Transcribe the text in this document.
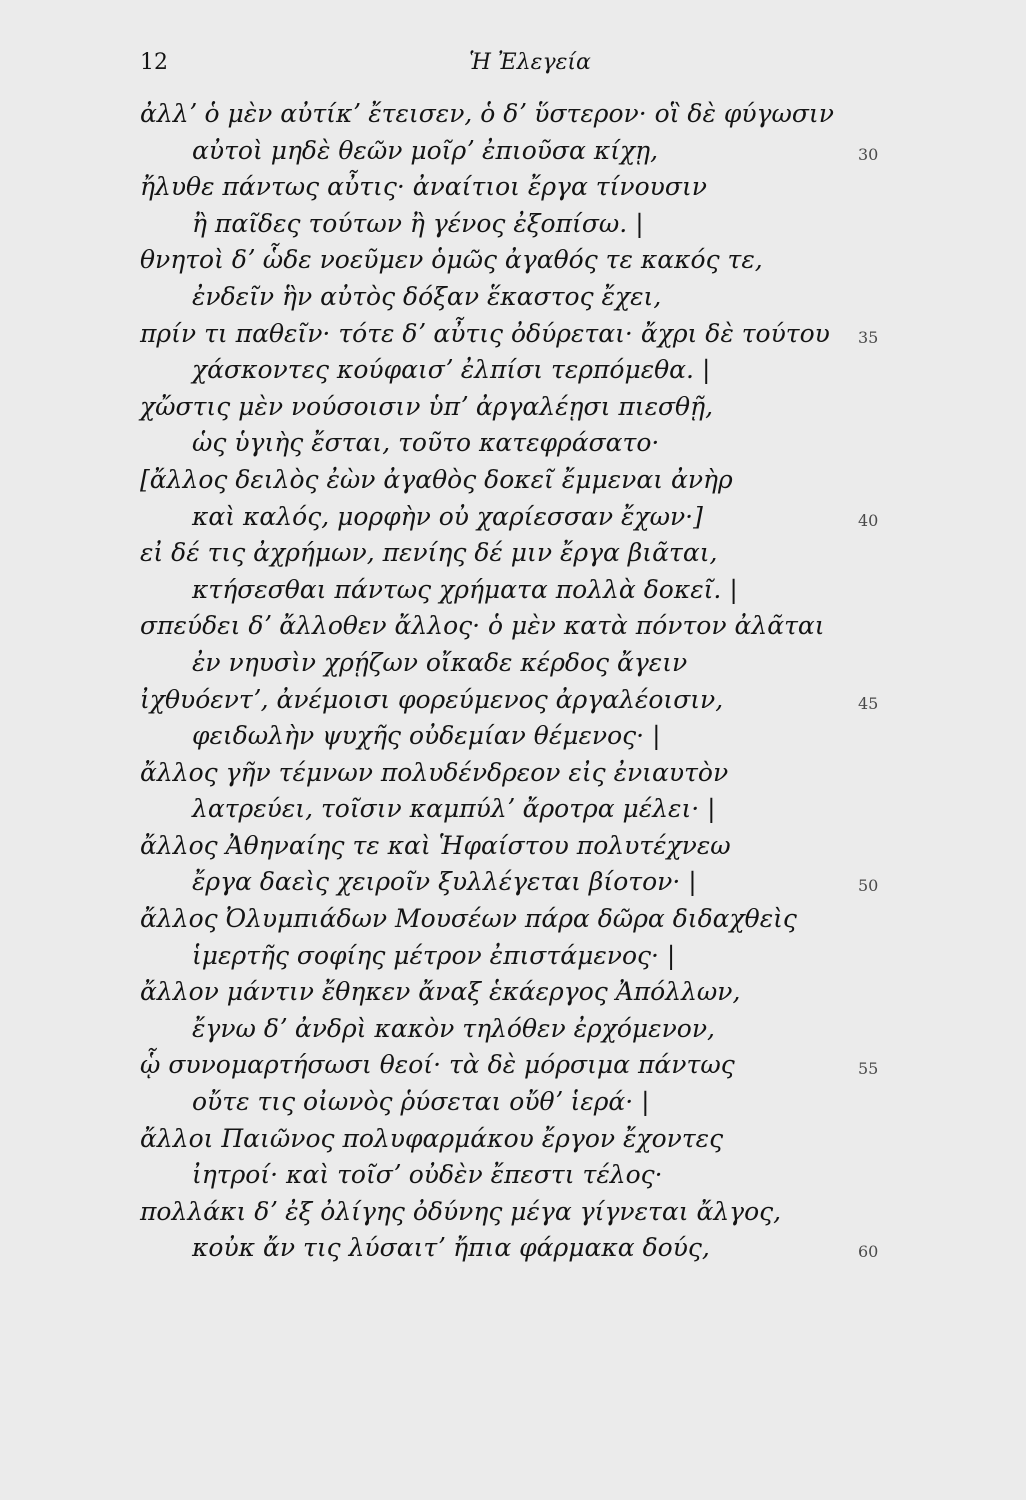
12	Ἡ Ἐλεγεία
ἀλλʼ ὁ μὲν αὐτίκʼ ἔτεισεν, ὁ δʼ ὕστερον· οἳ δὲ φύγωσιν
αὐτοὶ μηδὲ θεῶν μοῖρʼ ἐπιοῦσα κίχῃ,	30
ἤλυθε πάντως αὖτις· ἀναίτιοι ἔργα τίνουσιν
ἢ παῖδες τούτων ἢ γένος ἐξοπίσω. |
θνητοὶ δʼ ὧδε νοεῦμεν ὁμῶς ἀγαθός τε κακός τε,
ἐνδεῖν ἣν αὐτὸς δόξαν ἕκαστος ἔχει,
πρίν τι παθεῖν· τότε δʼ αὖτις ὀδύρεται· ἄχρι δὲ τούτου 35
χάσκοντες κούφαισʼ ἐλπίσι τερπόμεθα. |
χὤστις μὲν νούσοισιν ὑπʼ ἀργαλέῃσι πιεσθῇ,
ὡς ὑγιὴς ἔσται, τοῦτο κατεφράσατο·
[ἄλλος δειλὸς ἐὼν ἀγαθὸς δοκεῖ ἔμμεναι ἀνὴρ
καὶ καλός, μορφὴν οὐ χαρίεσσαν ἔχων·]	40
εἰ δέ τις ἀχρήμων, πενίης δέ μιν ἔργα βιᾶται,
κτήσεσθαι πάντως χρήματα πολλὰ δοκεῖ. |
σπεύδει δʼ ἄλλοθεν ἄλλος· ὁ μὲν κατὰ πόντον ἀλᾶται
ἐν νηυσὶν χρῄζων οἴκαδε κέρδος ἄγειν
ἰχθυόεντʼ, ἀνέμοισι φορεύμενος ἀργαλέοισιν,	45
φειδωλὴν ψυχῆς οὐδεμίαν θέμενος· |
ἄλλος γῆν τέμνων πολυδένδρεον εἰς ἐνιαυτὸν
λατρεύει, τοῖσιν καμπύλʼ ἄροτρα μέλει· |
ἄλλος Ἀθηναίης τε καὶ Ἡφαίστου πολυτέχνεω
ἔργα δαεὶς χειροῖν ξυλλέγεται βίοτον· |	50
ἄλλος Ὀλυμπιάδων Μουσέων πάρα δῶρα διδαχθεὶς
ἱμερτῆς σοφίης μέτρον ἐπιστάμενος· |
ἄλλον μάντιν ἔθηκεν ἄναξ ἑκάεργος Ἀπόλλων,
ἔγνω δʼ ἀνδρὶ κακὸν τηλόθεν ἐρχόμενον,
ᾧ συνομαρτήσωσι θεοί· τὰ δὲ μόρσιμα πάντως	55
οὔτε τις οἰωνὸς ῥύσεται οὔθʼ ἱερά· |
ἄλλοι Παιῶνος πολυφαρμάκου ἔργον ἔχοντες
ἰητροί· καὶ τοῖσʼ οὐδὲν ἔπεστι τέλος·
πολλάκι δʼ ἐξ ὀλίγης ὀδύνης μέγα γίγνεται ἄλγος,
κοὐκ ἄν τις λύσαιτʼ ἤπια φάρμακα δούς,	60
